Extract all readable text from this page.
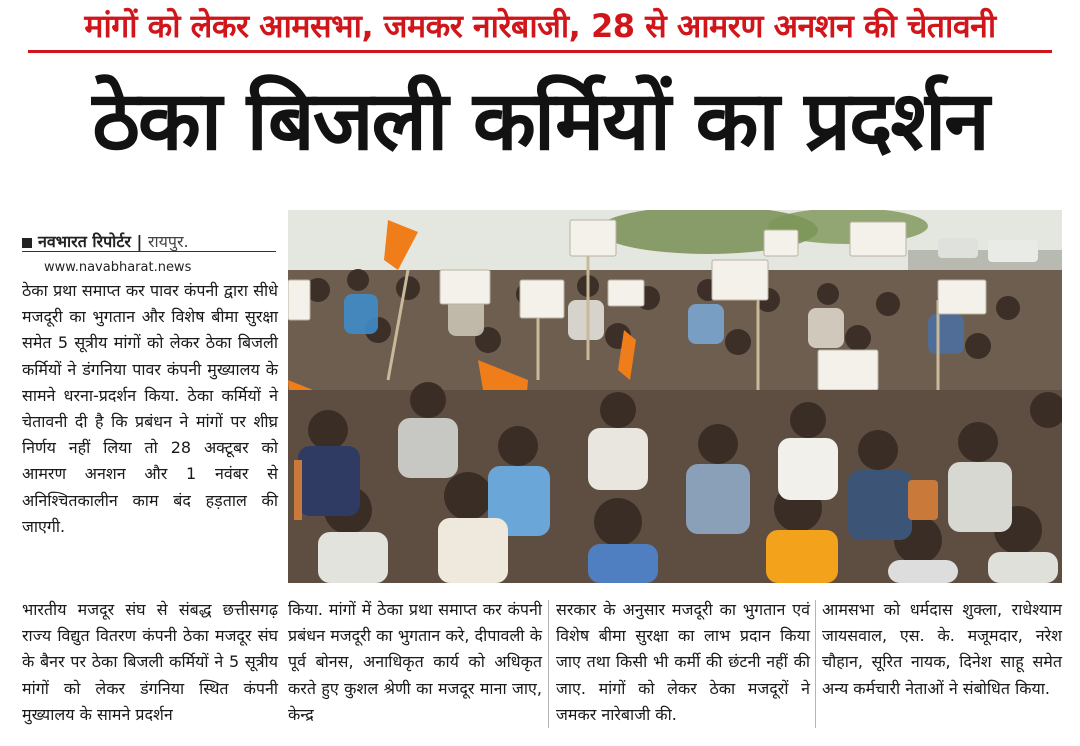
मांगों को लेकर आमसभा, जमकर नारेबाजी, 28 से आमरण अनशन की चेतावनी
ठेका बिजली कर्मियों का प्रदर्शन
नवभारत रिपोर्टर | रायपुर.
www.navabharat.news

ठेका प्रथा समाप्त कर पावर कंपनी द्वारा सीधे मजदूरी का भुगतान और विशेष बीमा सुरक्षा समेत 5 सूत्रीय मांगों को लेकर ठेका बिजली कर्मियों ने डंगनिया पावर कंपनी मुख्यालय के सामने धरना-प्रदर्शन किया. ठेका कर्मियों ने चेतावनी दी है कि प्रबंधन ने मांगों पर शीघ्र निर्णय नहीं लिया तो 28 अक्टूबर को आमरण अनशन और 1 नवंबर से अनिश्चितकालीन काम बंद हड़ताल की जाएगी.

भारतीय मजदूर संघ से संबद्ध छत्तीसगढ़ राज्य विद्युत वितरण कंपनी ठेका मजदूर संघ के बैनर पर ठेका बिजली कर्मियों ने 5 सूत्रीय मांगों को लेकर डंगनिया स्थित कंपनी मुख्यालय के सामने प्रदर्शन

किया. मांगों में ठेका प्रथा समाप्त कर कंपनी प्रबंधन मजदूरी का भुगतान करे, दीपावली के पूर्व बोनस, अनाधिकृत कार्य को अधिकृत करते हुए कुशल श्रेणी का मजदूर माना जाए, केन्द्र

सरकार के अनुसार मजदूरी का भुगतान एवं विशेष बीमा सुरक्षा का लाभ प्रदान किया जाए तथा किसी भी कर्मी की छंटनी नहीं की जाए. मांगों को लेकर ठेका मजदूरों ने जमकर नारेबाजी की.

आमसभा को धर्मदास शुक्ला, राधेश्याम जायसवाल, एस. के. मजूमदार, नरेश चौहान, सूरित नायक, दिनेश साहू समेत अन्य कर्मचारी नेताओं ने संबोधित किया.
